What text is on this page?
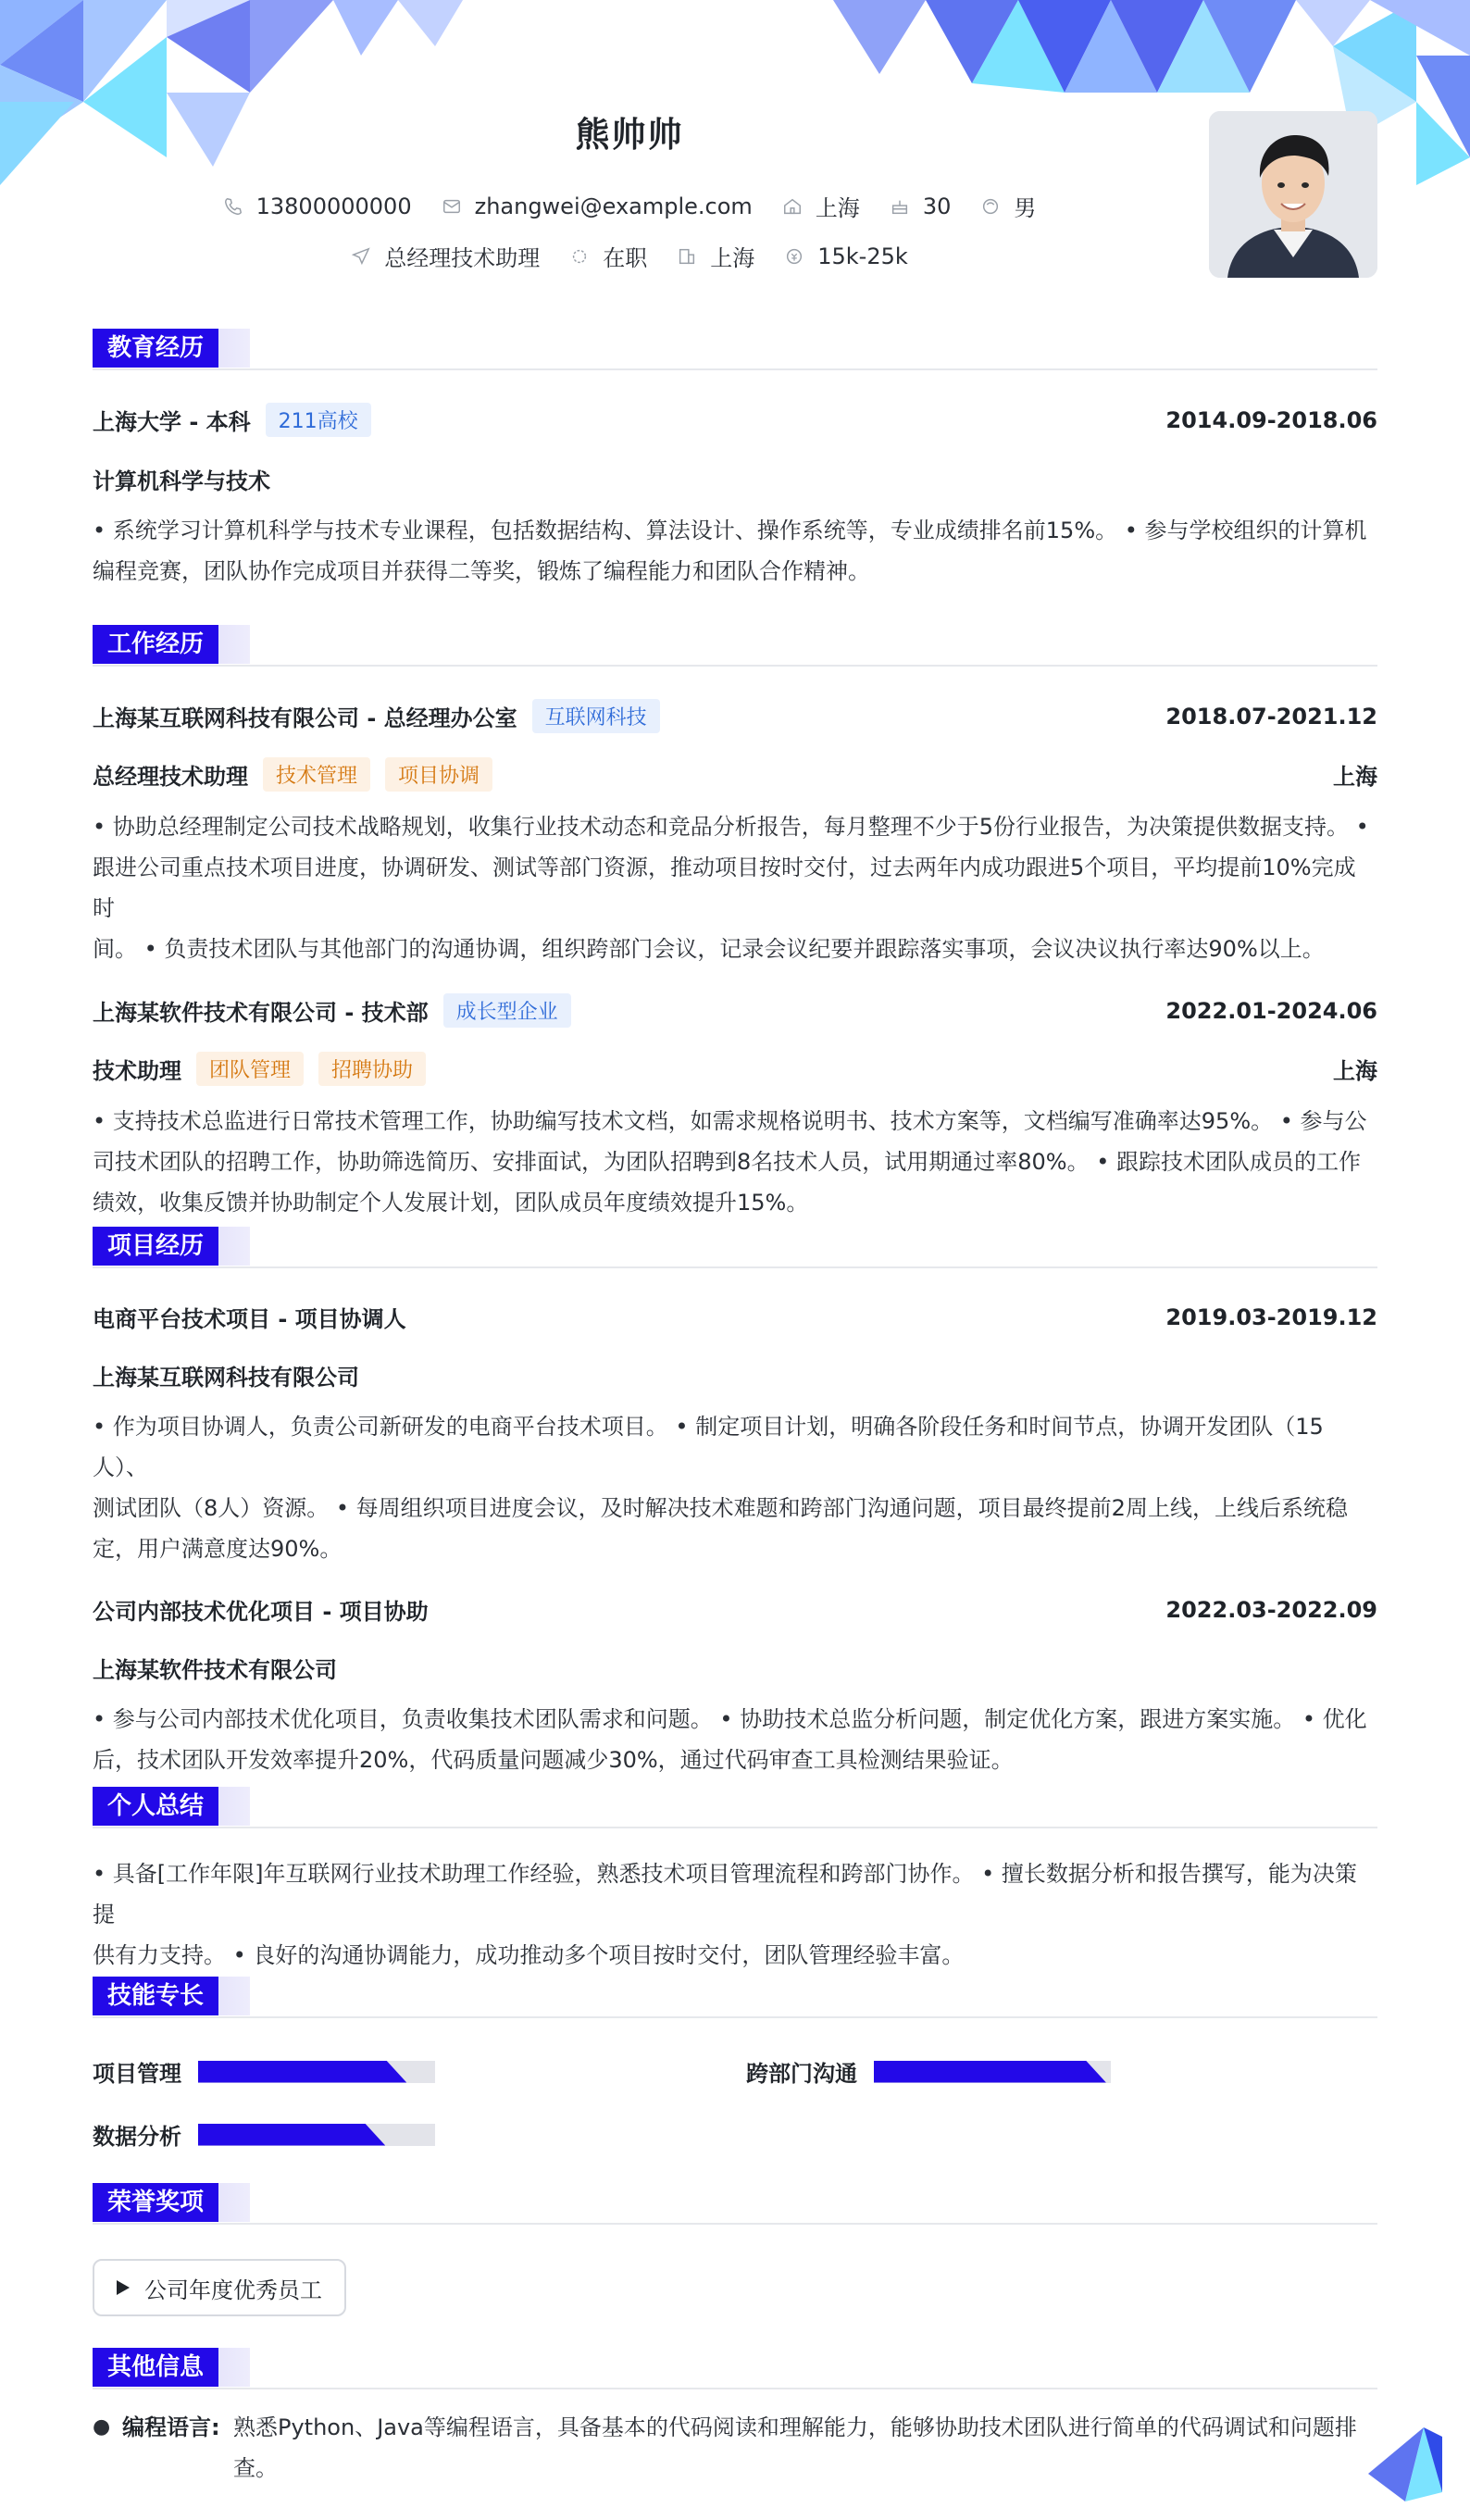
熊帅帅
13800000000	zhangwei@example.com	上海	30	男
总经理技术助理	在职	上海	15k-25k
教育经历
上海大学 - 本科	211高校	2014.09-2018.06
计算机科学与技术
• 系统学习计算机科学与技术专业课程，包括数据结构、算法设计、操作系统等，专业成绩排名前15%。 • 参与学校组织的计算机
编程竞赛，团队协作完成项目并获得二等奖，锻炼了编程能力和团队合作精神。
工作经历
上海某互联网科技有限公司 - 总经理办公室	互联网科技	2018.07-2021.12
总经理技术助理	技术管理	项目协调	上海
• 协助总经理制定公司技术战略规划，收集行业技术动态和竞品分析报告，每月整理不少于5份行业报告，为决策提供数据支持。 •
跟进公司重点技术项目进度，协调研发、测试等部门资源，推动项目按时交付，过去两年内成功跟进5个项目，平均提前10%完成时
间。 • 负责技术团队与其他部门的沟通协调，组织跨部门会议，记录会议纪要并跟踪落实事项，会议决议执行率达90%以上。
上海某软件技术有限公司 - 技术部	成长型企业	2022.01-2024.06
技术助理	团队管理	招聘协助	上海
• 支持技术总监进行日常技术管理工作，协助编写技术文档，如需求规格说明书、技术方案等，文档编写准确率达95%。 • 参与公
司技术团队的招聘工作，协助筛选简历、安排面试，为团队招聘到8名技术人员，试用期通过率80%。 • 跟踪技术团队成员的工作
绩效，收集反馈并协助制定个人发展计划，团队成员年度绩效提升15%。
项目经历
电商平台技术项目 - 项目协调人	2019.03-2019.12
上海某互联网科技有限公司
• 作为项目协调人，负责公司新研发的电商平台技术项目。 • 制定项目计划，明确各阶段任务和时间节点，协调开发团队（15人）、
测试团队（8人）资源。 • 每周组织项目进度会议，及时解决技术难题和跨部门沟通问题，项目最终提前2周上线，上线后系统稳
定，用户满意度达90%。
公司内部技术优化项目 - 项目协助	2022.03-2022.09
上海某软件技术有限公司
• 参与公司内部技术优化项目，负责收集技术团队需求和问题。 • 协助技术总监分析问题，制定优化方案，跟进方案实施。 • 优化
后，技术团队开发效率提升20%，代码质量问题减少30%，通过代码审查工具检测结果验证。
个人总结
• 具备[工作年限]年互联网行业技术助理工作经验，熟悉技术项目管理流程和跨部门协作。 • 擅长数据分析和报告撰写，能为决策提
供有力支持。 • 良好的沟通协调能力，成功推动多个项目按时交付，团队管理经验丰富。
技能专长
项目管理	跨部门沟通
数据分析
荣誉奖项
公司年度优秀员工
其他信息
● 编程语言: 熟悉Python、Java等编程语言，具备基本的代码阅读和理解能力，能够协助技术团队进行简单的代码调试和问题排
查。
